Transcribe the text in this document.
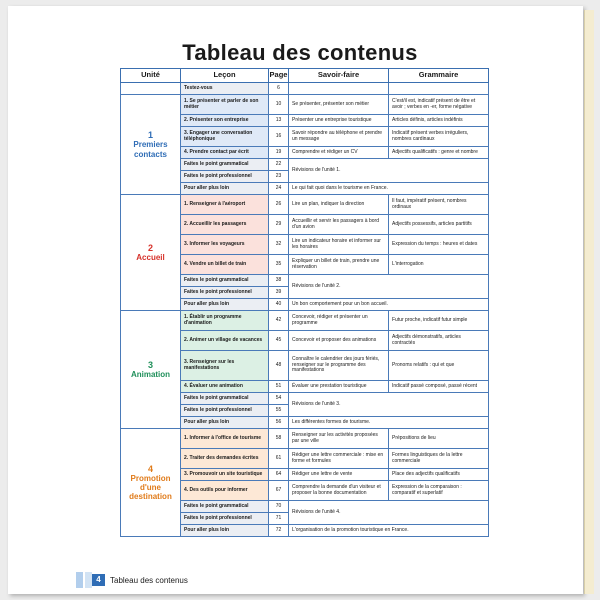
Tableau des contenus
Unité	Leçon	Page	Savoir-faire	Grammaire
	Testez-vous	6		

1
Premiers contacts	1. Se présenter et parler de son métier	10	Se présenter, présenter son métier	C'est/il est, indicatif présent de être et avoir ; verbes en -er, forme négative
	2. Présenter son entreprise	13	Présenter une entreprise touristique	Articles définis, articles indéfinis
	3. Engager une conversation téléphonique	16	Savoir répondre au téléphone et prendre un message	Indicatif présent verbes irréguliers, nombres cardinaux
	4. Prendre contact par écrit	19	Comprendre et rédiger un CV	Adjectifs qualificatifs : genre et nombre
	Faites le point grammatical	22	Révisions de l'unité 1.	
	Faites le point professionnel	23		
	Pour aller plus loin	24	Le qui fait quoi dans le tourisme en France.	

2
Accueil	1. Renseigner à l'aéroport	26	Lire un plan, indiquer la direction	Il faut, impératif présent, nombres ordinaux
	2. Accueillir les passagers	29	Accueillir et servir les passagers à bord d'un avion	Adjectifs possessifs, articles partitifs
	3. Informer les voyageurs	32	Lire un indicateur horaire et informer sur les horaires	Expression du temps : heures et dates
	4. Vendre un billet de train	35	Expliquer un billet de train, prendre une réservation	L'interrogation
	Faites le point grammatical	38	Révisions de l'unité 2.	
	Faites le point professionnel	39		
	Pour aller plus loin	40	Un bon comportement pour un bon accueil.	

3
Animation	1. Établir un programme d'animation	42	Concevoir, rédiger et présenter un programme	Futur proche, indicatif futur simple
	2. Animer un village de vacances	45	Concevoir et proposer des animations	Adjectifs démonstratifs, articles contractés
	3. Renseigner sur les manifestations	48	Connaître le calendrier des jours fériés, renseigner sur le programme des manifestations	Pronoms relatifs : qui et que
	4. Évaluer une animation	51	Évaluer une prestation touristique	Indicatif passé composé, passé récent
	Faites le point grammatical	54	Révisions de l'unité 3.	
	Faites le point professionnel	55		
	Pour aller plus loin	56	Les différentes formes de tourisme.	

4
Promotion d'une destination	1. Informer à l'office de tourisme	58	Renseigner sur les activités proposées par une ville	Prépositions de lieu
	2. Traiter des demandes écrites	61	Rédiger une lettre commerciale : mise en forme et formules	Formes linguistiques de la lettre commerciale
	3. Promouvoir un site touristique	64	Rédiger une lettre de vente	Place des adjectifs qualificatifs
	4. Des outils pour informer	67	Comprendre la demande d'un visiteur et proposer la bonne documentation	Expression de la comparaison : comparatif et superlatif
	Faites le point grammatical	70	Révisions de l'unité 4.	
	Faites le point professionnel	71		
	Pour aller plus loin	72	L'organisation de la promotion touristique en France.	
4	Tableau des contenus
